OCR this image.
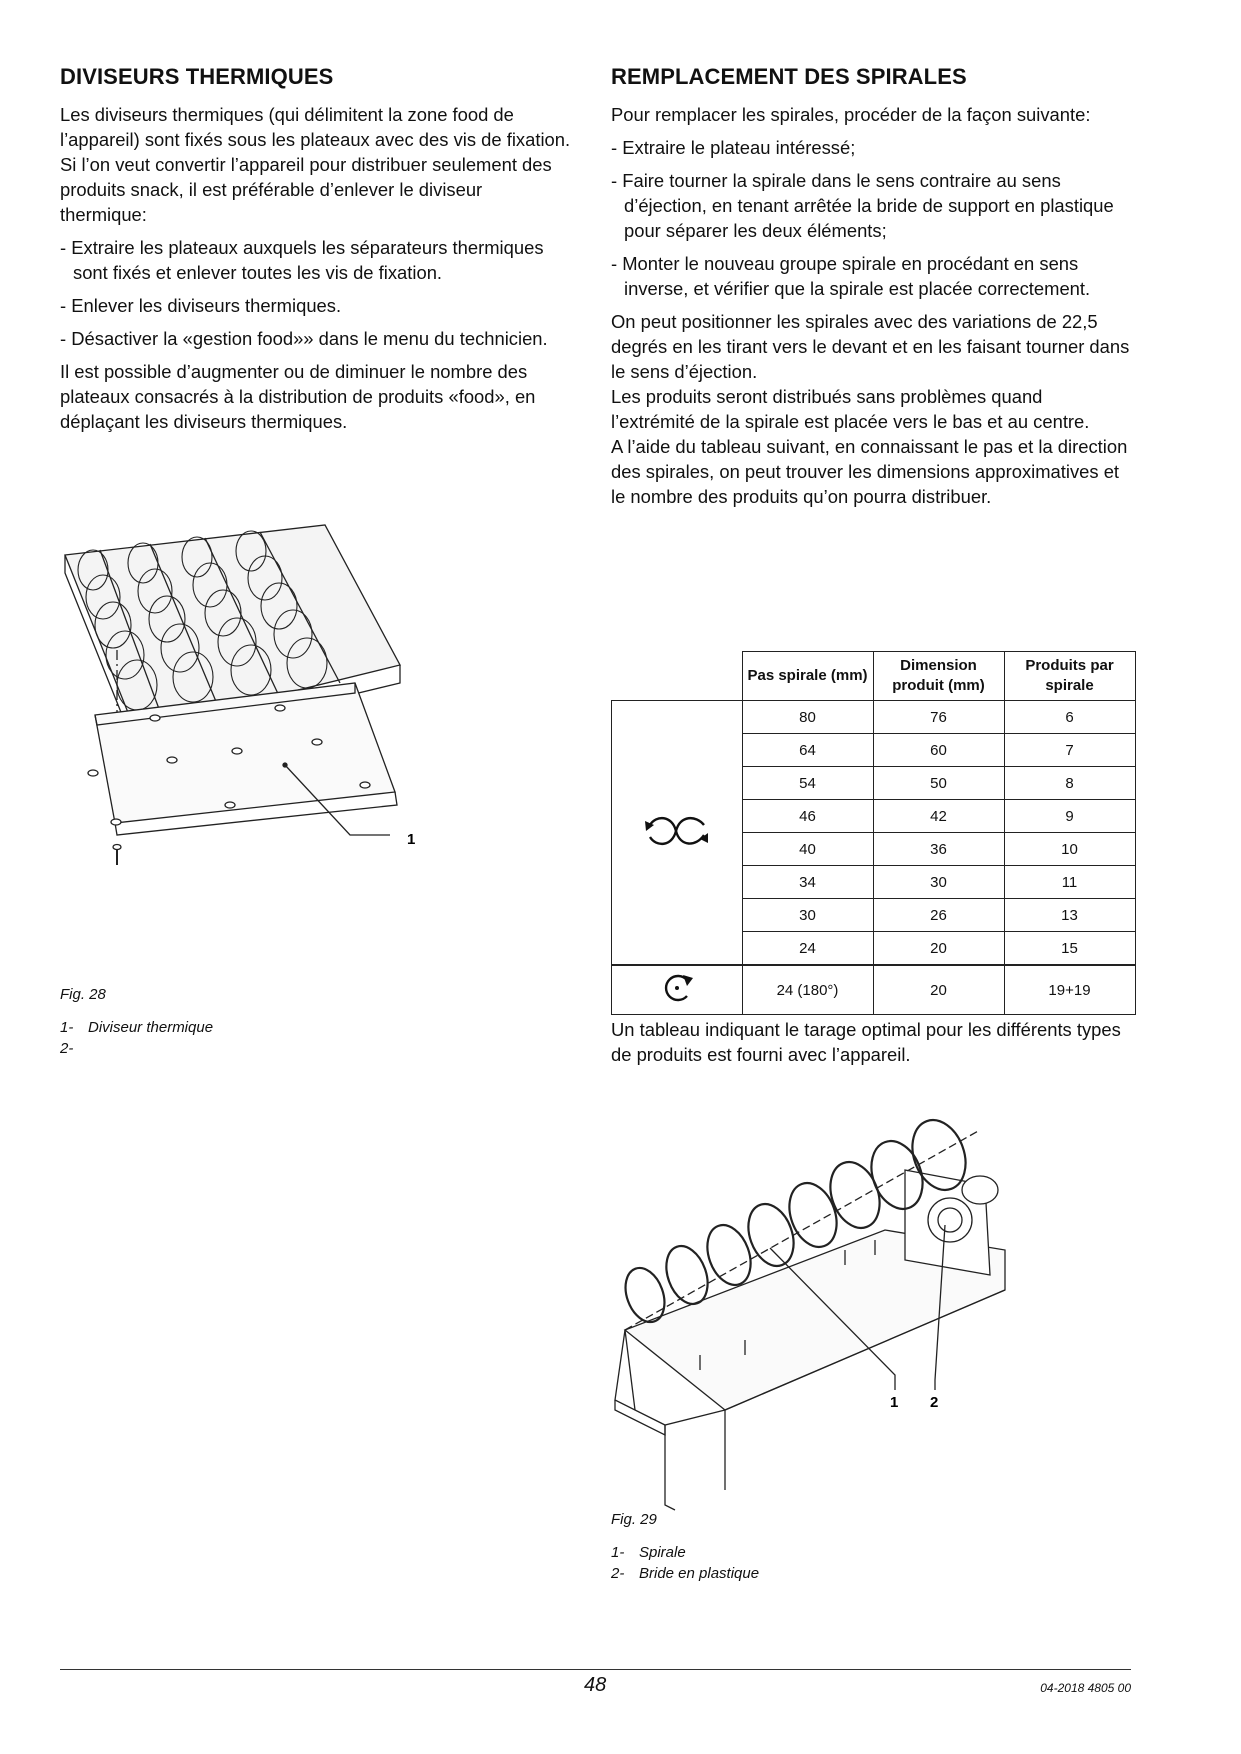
DIVISEURS THERMIQUES

Les diviseurs thermiques (qui délimitent la zone food de l’appareil) sont fixés sous les plateaux avec des vis de fixation.

Si l’on veut convertir l’appareil pour distribuer seulement des produits snack, il est préférable d’enlever le diviseur thermique:

- Extraire les plateaux auxquels les séparateurs thermiques sont fixés et enlever toutes les vis de fixation.
- Enlever les diviseurs thermiques.
- Désactiver la «gestion food»» dans le menu du technicien.

Il est possible d’augmenter ou de diminuer le nombre des plateaux consacrés à la distribution de produits «food», en déplaçant les diviseurs thermiques.

1
Fig. 28
1- Diviseur thermique
2-
REMPLACEMENT DES SPIRALES

Pour remplacer les spirales, procéder de la façon suivante:

- Extraire le plateau intéressé;
- Faire tourner la spirale dans le sens contraire au sens d’éjection, en tenant arrêtée la bride de support en plastique pour séparer les deux éléments;
- Monter le nouveau groupe spirale en procédant en sens inverse, et vérifier que la spirale est placée correctement.

On peut positionner les spirales avec des variations de 22,5 degrés en les tirant vers le devant et en les faisant tourner dans le sens d’éjection.

Les produits seront distribués sans problèmes quand l’extrémité de la spirale est placée vers le bas et au centre.

A l’aide du tableau suivant, en connaissant le pas et la direction des spirales, on peut trouver les dimensions approximatives et le nombre des produits qu’on pourra distribuer.

	Pas spirale (mm)	Dimension produit (mm)	Produits par spirale
	80	76	6
	64	60	7
	54	50	8
	46	42	9
	40	36	10
	34	30	11
	30	26	13
	24	20	15
	24 (180°)	20	19+19

Un tableau indiquant le tarage optimal pour les différents types de produits est fourni avec l’appareil.

1 2
Fig. 29
1- Spirale
2- Bride en plastique
48	04-2018 4805 00
